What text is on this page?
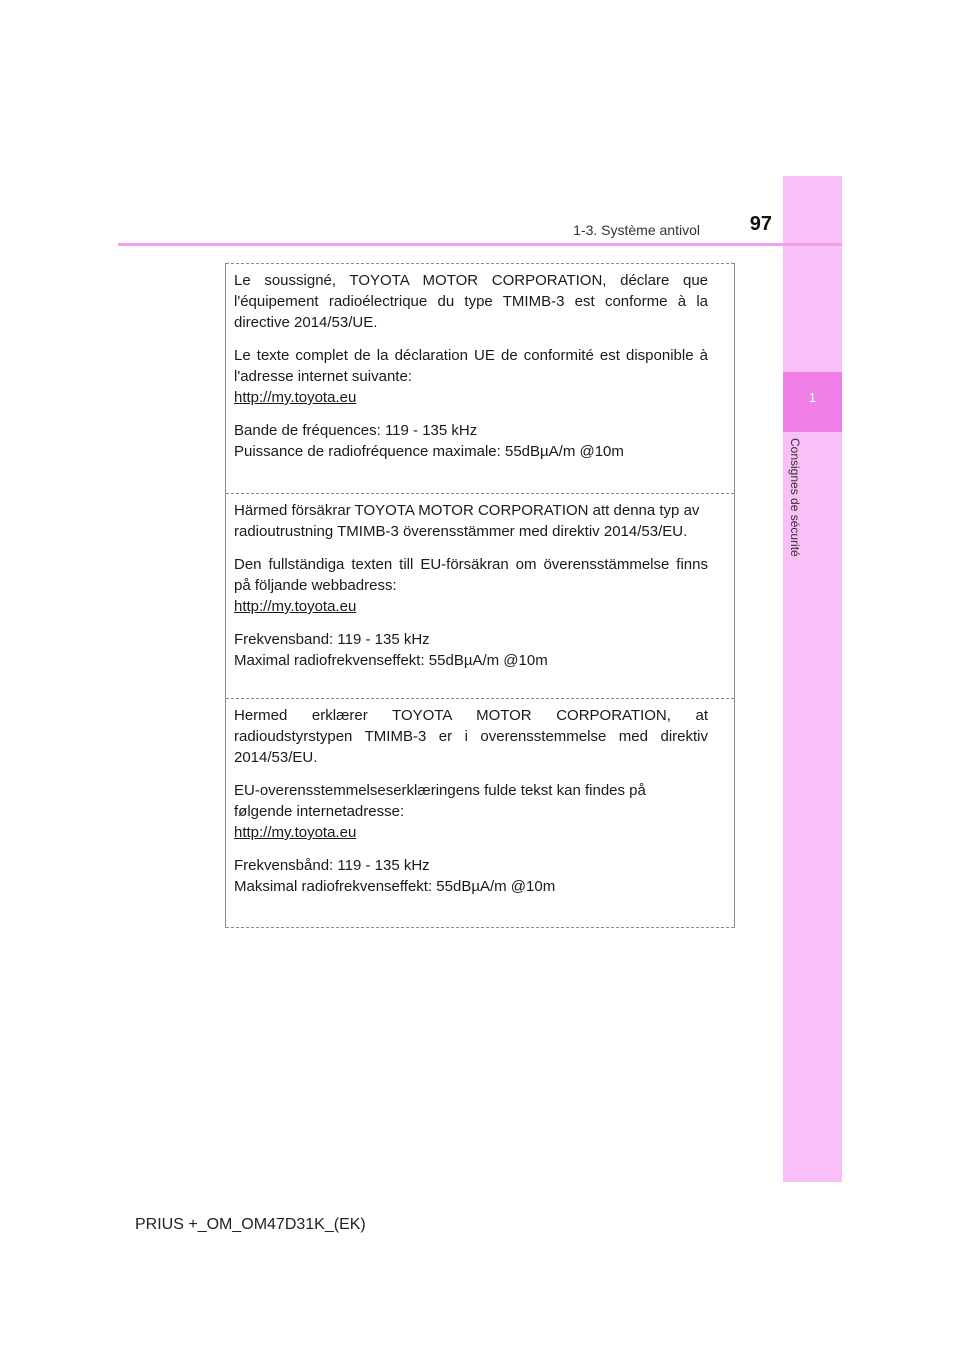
1
Consignes de sécurité
1-3. Système antivol	97

Le soussigné, TOYOTA MOTOR CORPORATION, déclare que l'équipement radioélectrique du type TMIMB-3 est conforme à la directive 2014/53/UE.

Le texte complet de la déclaration UE de conformité est disponible à l'adresse internet suivante:
http://my.toyota.eu

Bande de fréquences: 119 - 135 kHz
Puissance de radiofréquence maximale: 55dBµA/m @10m

Härmed försäkrar TOYOTA MOTOR CORPORATION att denna typ av radioutrustning TMIMB-3 överensstämmer med direktiv 2014/53/EU.

Den fullständiga texten till EU-försäkran om överensstämmelse finns på följande webbadress:
http://my.toyota.eu

Frekvensband: 119 - 135 kHz
Maximal radiofrekvenseffekt: 55dBµA/m @10m

Hermed erklærer TOYOTA MOTOR CORPORATION, at radioudstyrstypen TMIMB-3 er i overensstemmelse med direktiv 2014/53/EU.

EU-overensstemmelseserklæringens fulde tekst kan findes på følgende internetadresse:
http://my.toyota.eu

Frekvensbånd: 119 - 135 kHz
Maksimal radiofrekvenseffekt: 55dBµA/m @10m

PRIUS +_OM_OM47D31K_(EK)
